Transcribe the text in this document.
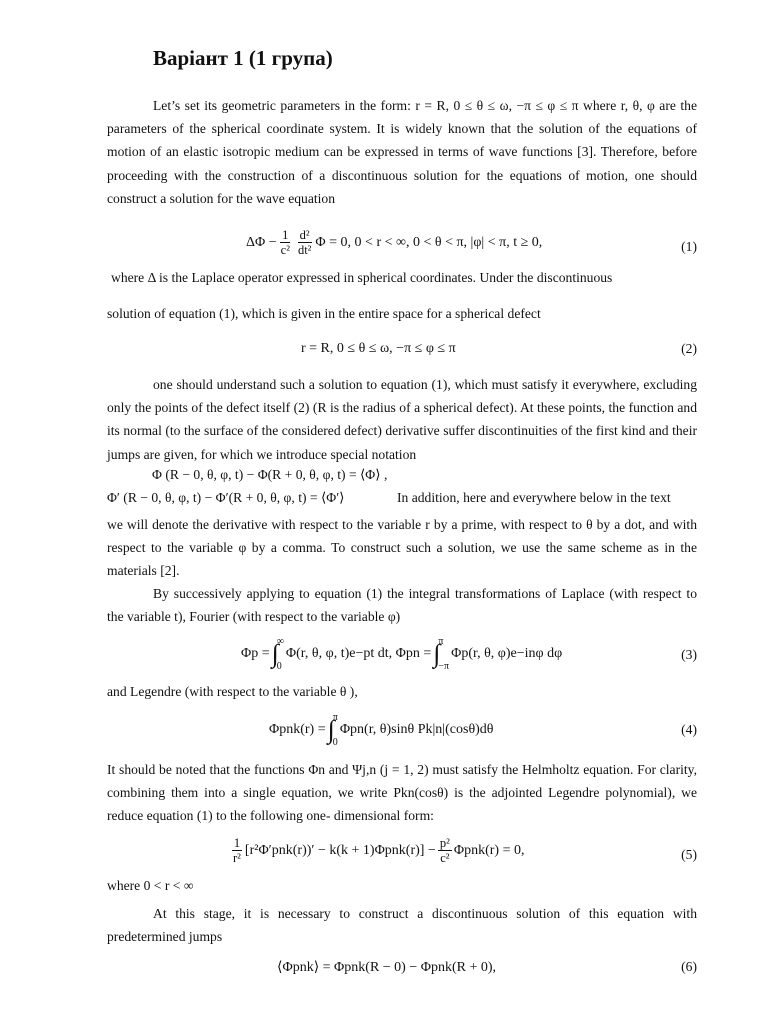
Варіант 1 (1 група)
Let’s set its geometric parameters in the form: r = R, 0 ≤ θ ≤ ω, −π ≤ φ ≤ π where r, θ, φ are the parameters of the spherical coordinate system. It is widely known that the solution of the equations of motion of an elastic isotropic medium can be expressed in terms of wave functions [3]. Therefore, before proceeding with the construction of a discontinuous solution for the equations of motion, one should construct a solution for the wave equation
$\Delta\Phi - \frac{1}{\text{c²}} \frac{\text{d²}}{\text{dt²}}$ Φ = 0, 0 < r < ∞, 0 < θ < π, |φ| < π, t ≥ 0,	(1)
where Δ is the Laplace operator expressed in spherical coordinates. Under the discontinuous
solution of equation (1), which is given in the entire space for a spherical defect
r = R, 0 ≤ θ ≤ ω, −π ≤ φ ≤ π	(2)
one should understand such a solution to equation (1), which must satisfy it everywhere, excluding only the points of the defect itself (2) (R is the radius of a spherical defect). At these points, the function and its normal (to the surface of the considered defect) derivative suffer discontinuities of the first kind and their jumps are given, for which we introduce special notation
Φ (R − 0, θ, φ, t) − Φ(R + 0, θ, φ, t) = ⟨Φ⟩ ,
Φ′ (R − 0, θ, φ, t) − Φ′(R + 0, θ, φ, t) = ⟨Φ′⟩	In addition, here and everywhere below in the text
we will denote the derivative with respect to the variable r by a prime, with respect to θ by a dot, and with respect to the variable φ by a comma. To construct such a solution, we use the same scheme as in the materials [2].
By successively applying to equation (1) the integral transformations of Laplace (with respect to the variable t), Fourier (with respect to the variable φ)
Φp = ∫
∞
0
Φ(r, θ, φ, t)e−pt dt, Φpn = ∫
π
−π
Φp(r, θ, φ)e−inφ dφ	(3)
and Legendre (with respect to the variable θ ),
Φpnk(r) = ∫
π
0
Φpn(r, θ)sinθ Pk|n|(cosθ)dθ	(4)
It should be noted that the functions Φn and Ψj,n (j = 1, 2) must satisfy the Helmholtz equation. For clarity, combining them into a single equation, we write Pkn(cosθ) is the adjointed Legendre polynomial), we reduce equation (1) to the following one- dimensional form:
$\frac{1}{\text{r²}} [r^2\Phi'pnk(r))' - k(k + 1)\Phi pnk(r)] - \frac{\text{p²}}{\text{c²}} \Phi pnk(r) = 0$,	(5)
where 0 < r < ∞
At this stage, it is necessary to construct a discontinuous solution of this equation with predetermined jumps
⟨Φpnk⟩ = Φpnk(R − 0) − Φpnk(R + 0),	(6)
